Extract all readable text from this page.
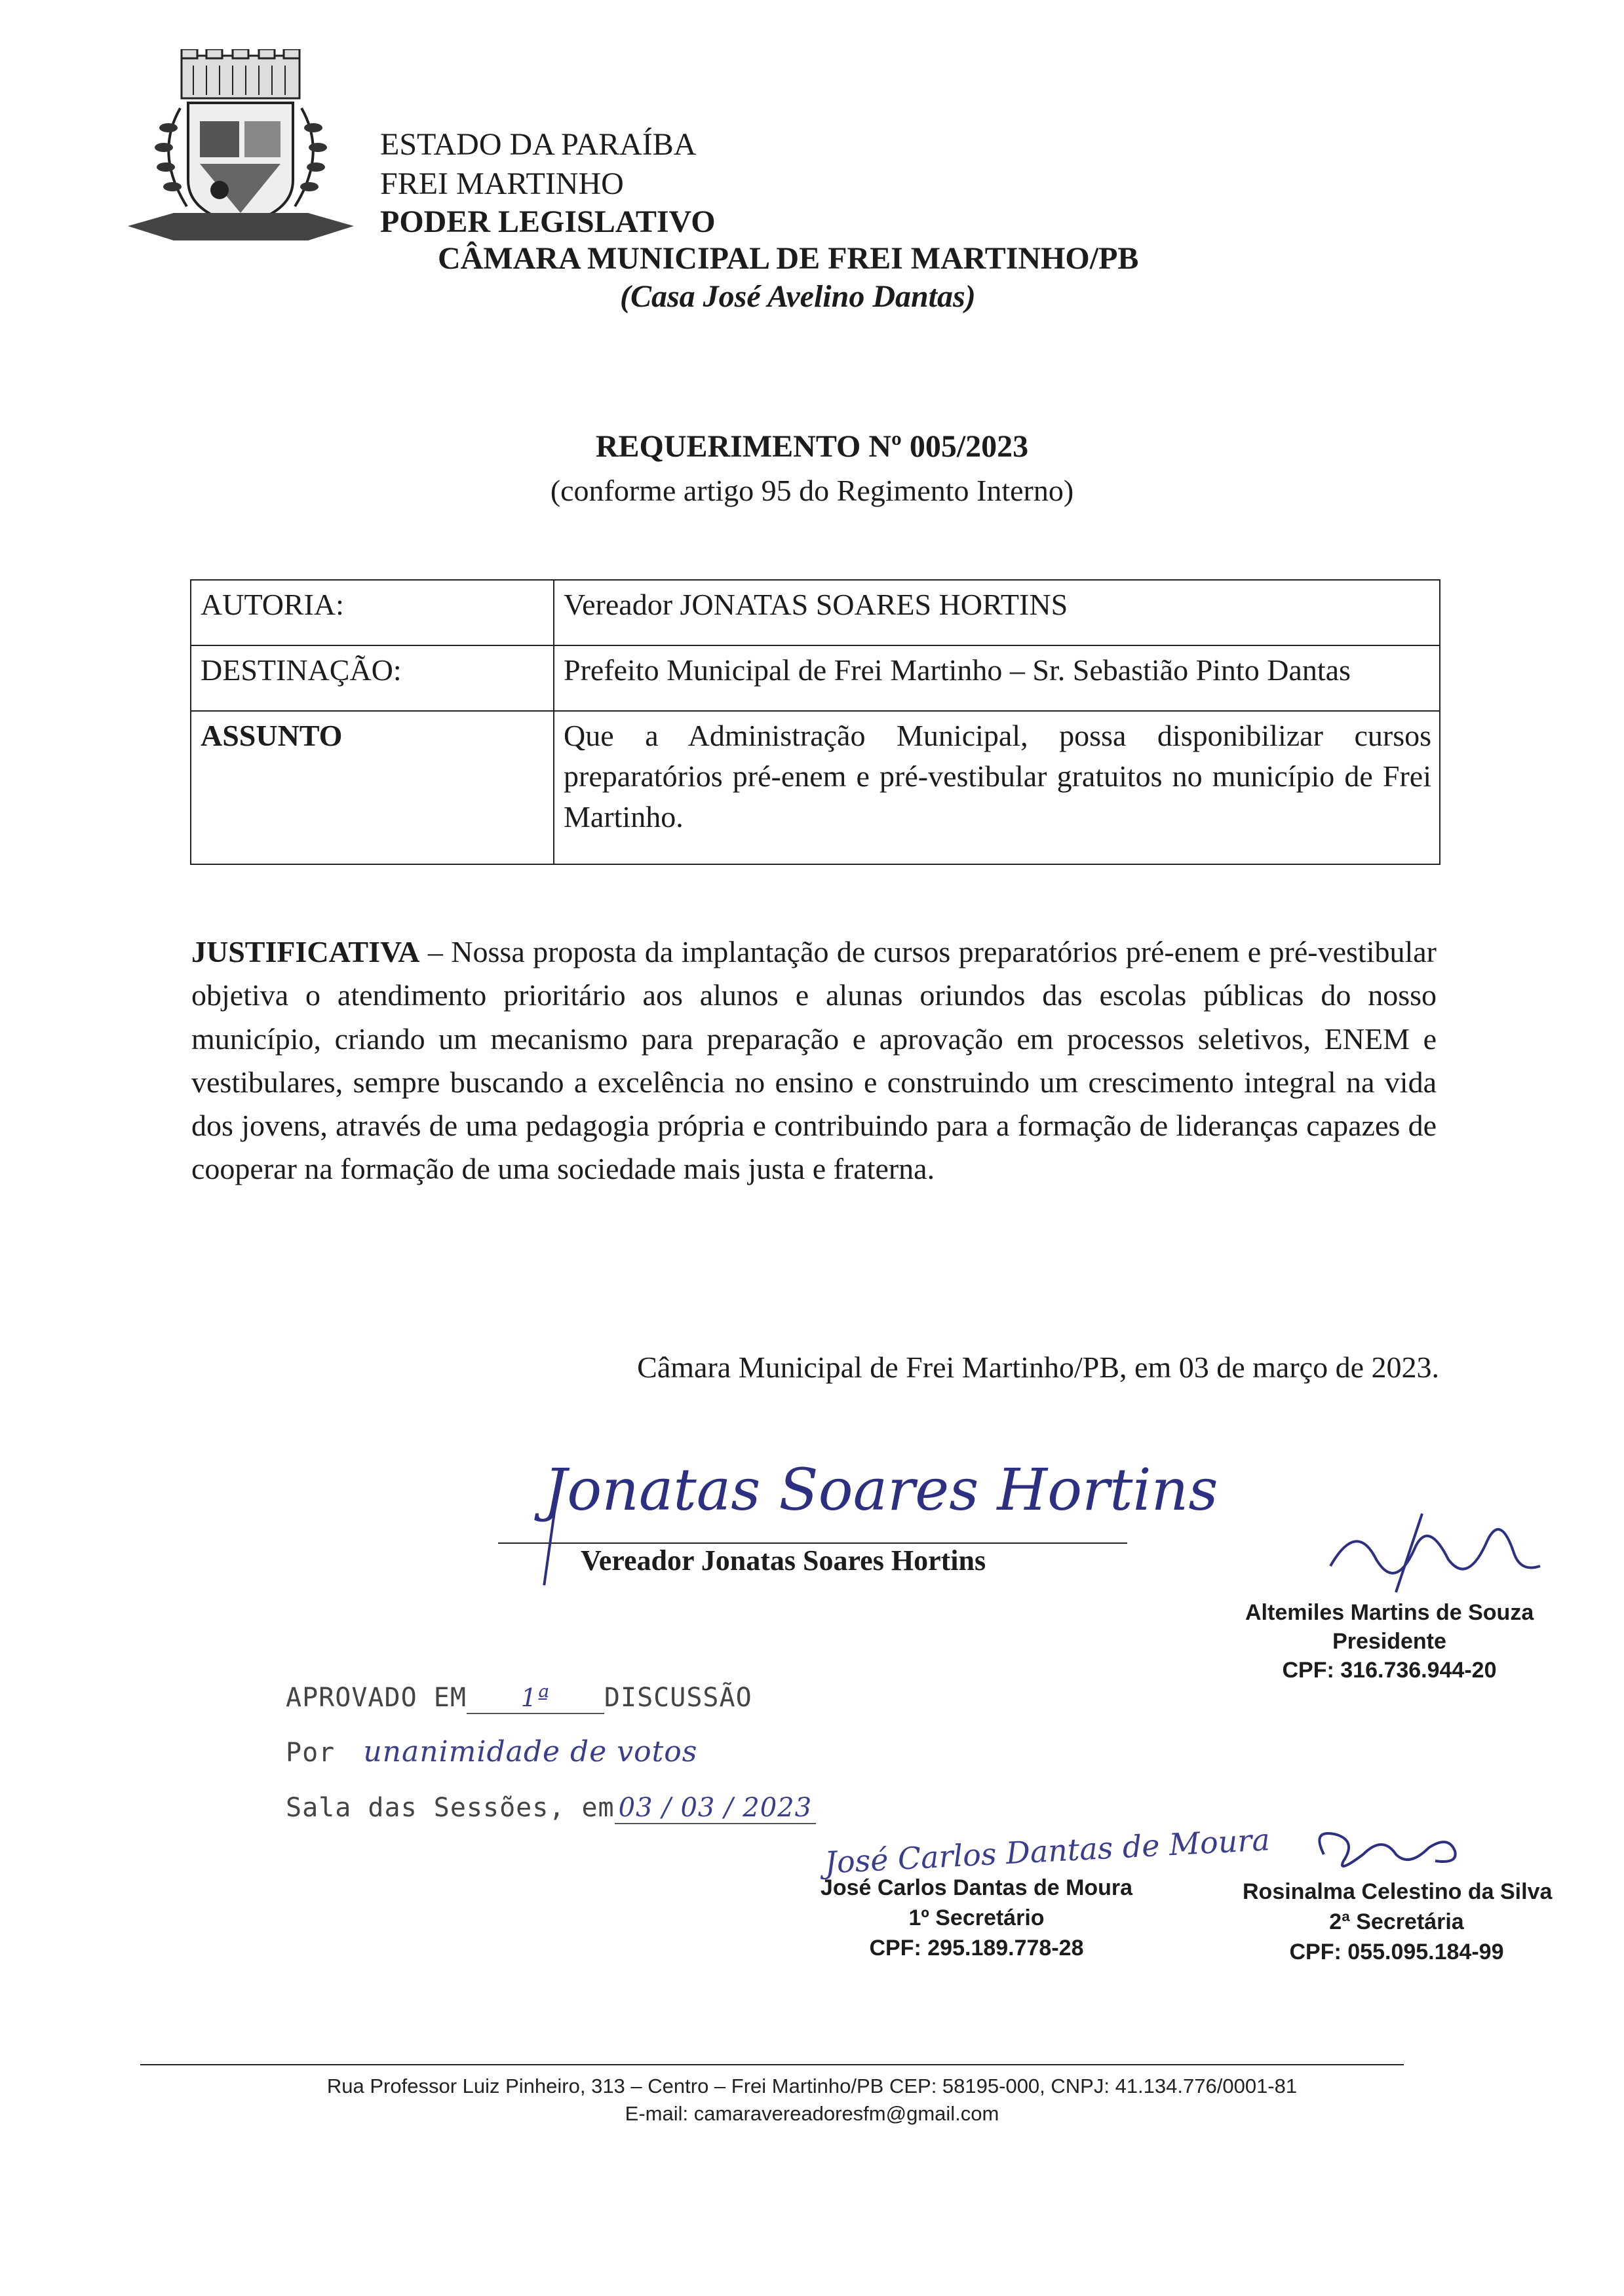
ESTADO DA PARAÍBA
FREI MARTINHO
PODER LEGISLATIVO
CÂMARA MUNICIPAL DE FREI MARTINHO/PB
(Casa José Avelino Dantas)
REQUERIMENTO Nº 005/2023
(conforme artigo 95 do Regimento Interno)
AUTORIA:	Vereador JONATAS SOARES HORTINS
DESTINAÇÃO:	Prefeito Municipal de Frei Martinho – Sr. Sebastião Pinto Dantas
ASSUNTO	Que a Administração Municipal, possa disponibilizar cursos preparatórios pré-enem e pré-vestibular gratuitos no município de Frei Martinho.
JUSTIFICATIVA – Nossa proposta da implantação de cursos preparatórios pré-enem e pré-vestibular objetiva o atendimento prioritário aos alunos e alunas oriundos das escolas públicas do nosso município, criando um mecanismo para preparação e aprovação em processos seletivos, ENEM e vestibulares, sempre buscando a excelência no ensino e construindo um crescimento integral na vida dos jovens, através de uma pedagogia própria e contribuindo para a formação de lideranças capazes de cooperar na formação de uma sociedade mais justa e fraterna.
Câmara Municipal de Frei Martinho/PB, em 03 de março de 2023.
Jonatas Soares Hortins
Vereador Jonatas Soares Hortins
Altemiles Martins de Souza
Presidente
CPF: 316.736.944-20
APROVADO EM 1ª DISCUSSÃO
Por unanimidade de votos
Sala das Sessões, em 03 / 03 / 2023
José Carlos Dantas de Moura
José Carlos Dantas de Moura
1º Secretário
CPF: 295.189.778-28
Rosinalma Celestino da Silva
2ª Secretária
CPF: 055.095.184-99
Rua Professor Luiz Pinheiro, 313 – Centro – Frei Martinho/PB CEP: 58195-000, CNPJ: 41.134.776/0001-81
E-mail: camaravereadoresfm@gmail.com
